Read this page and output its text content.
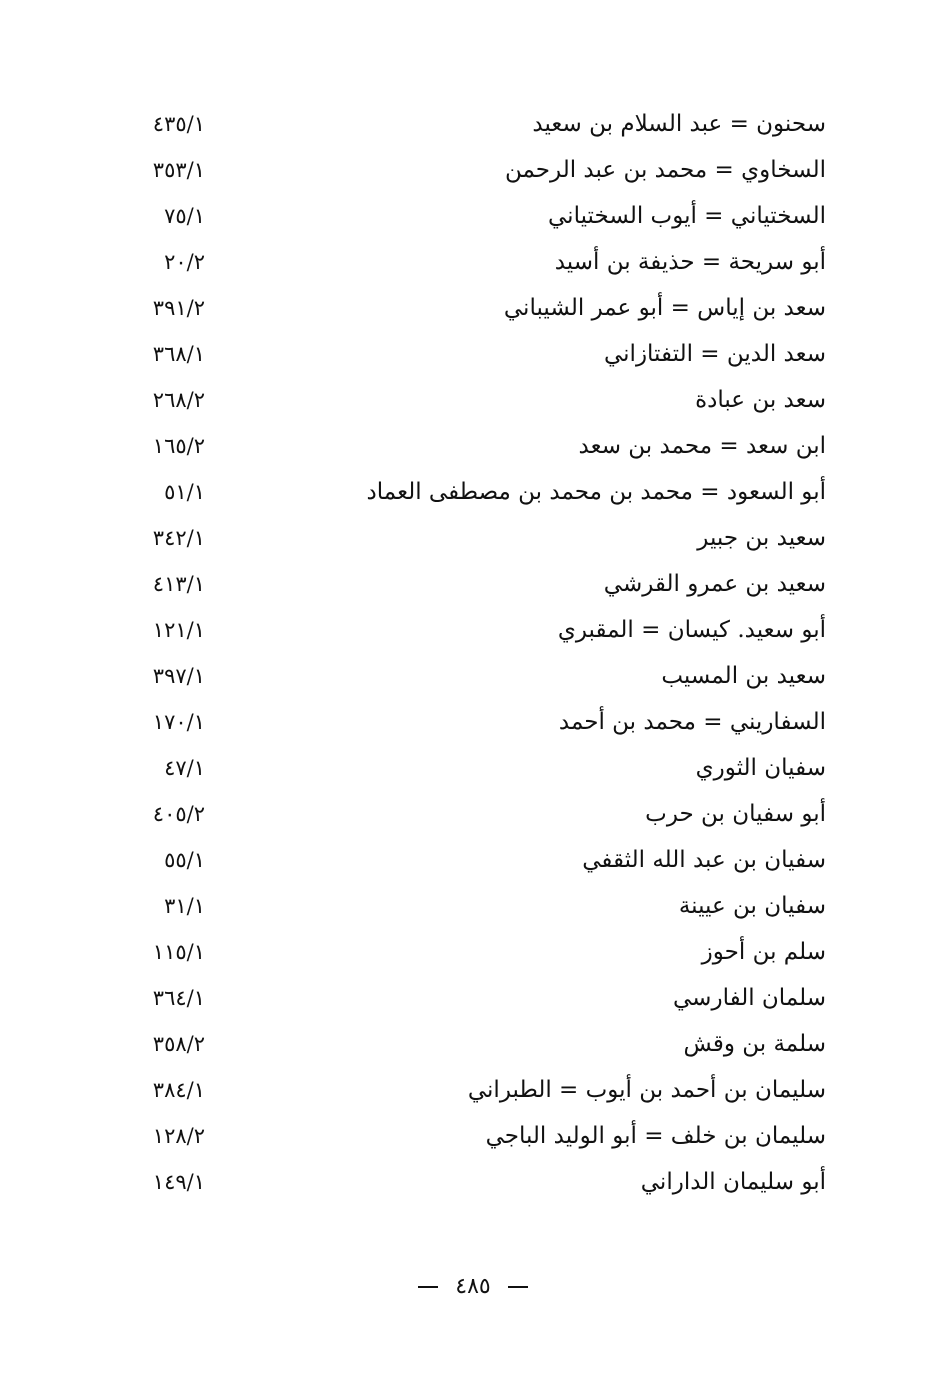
سحنون = عبد السلام بن سعيد
٤٣٥/١
السخاوي = محمد بن عبد الرحمن
٣٥٣/١
السختياني = أيوب السختياني
٧٥/١
أبو سريحة = حذيفة بن أسيد
٢٠/٢
سعد بن إياس = أبو عمر الشيباني
٣٩١/٢
سعد الدين = التفتازاني
٣٦٨/١
سعد بن عبادة
٢٦٨/٢
ابن سعد = محمد بن سعد
١٦٥/٢
أبو السعود = محمد بن محمد بن مصطفى العماد
٥١/١
سعيد بن جبير
٣٤٢/١
سعيد بن عمرو القرشي
٤١٣/١
أبو سعيد. كيسان = المقبري
١٢١/١
سعيد بن المسيب
٣٩٧/١
السفاريني = محمد بن أحمد
١٧٠/١
سفيان الثوري
٤٧/١
أبو سفيان بن حرب
٤٠٥/٢
سفيان بن عبد الله الثقفي
٥٥/١
سفيان بن عيينة
٣١/١
سلم بن أحوز
١١٥/١
سلمان الفارسي
٣٦٤/١
سلمة بن وقش
٣٥٨/٢
سليمان بن أحمد بن أيوب = الطبراني
٣٨٤/١
سليمان بن خلف = أبو الوليد الباجي
١٢٨/٢
أبو سليمان الداراني
١٤٩/١
٤٨٥
